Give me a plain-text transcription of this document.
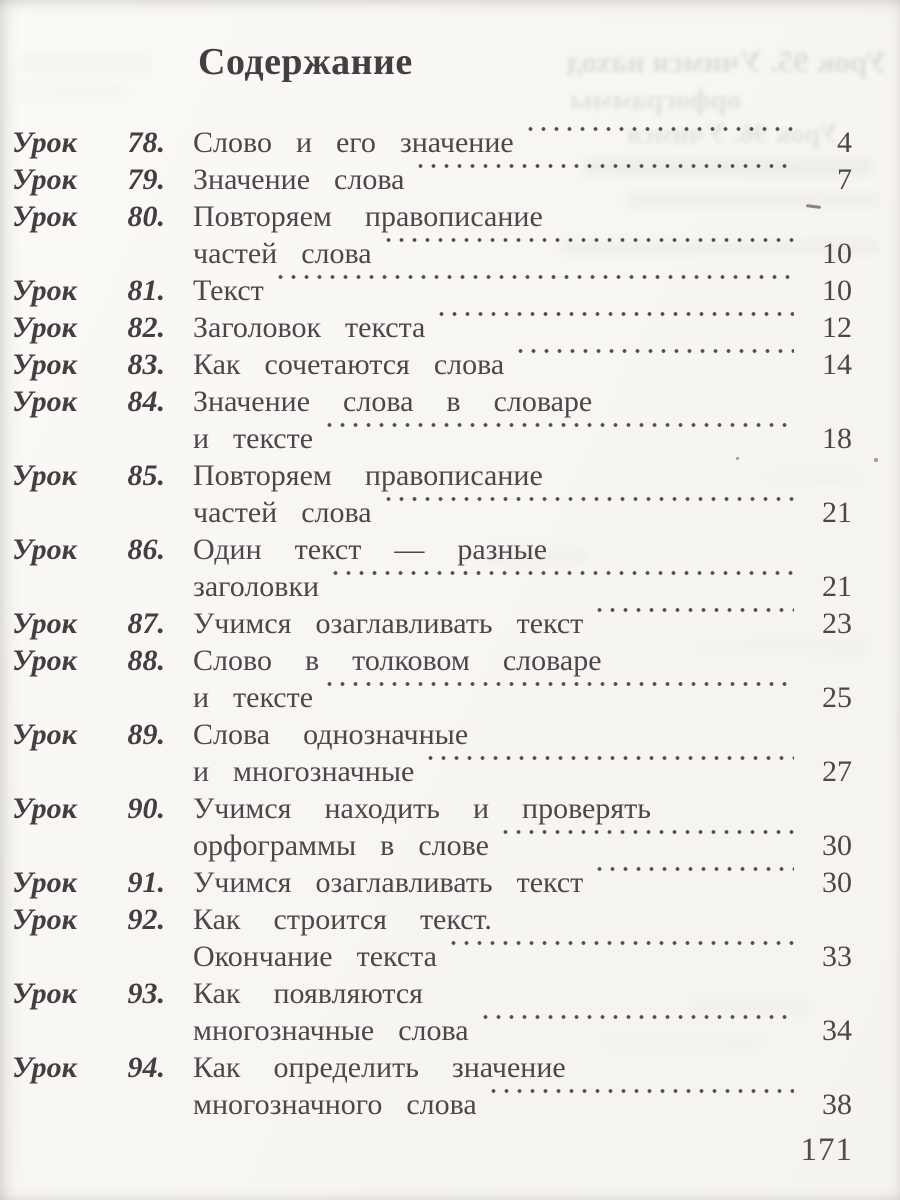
Урок 95. Учимся наход
орфограммы
Урок
Содержание
Урок 78. Слово и его значение	4
Урок 79. Значение слова	7
Урок 80. Повторяем правописание
частей слова	10
Урок 81. Текст	10
Урок 82. Заголовок текста	12
Урок 83. Как сочетаются слова	14
Урок 84. Значение слова в словаре
и тексте	18
Урок 85. Повторяем правописание
частей слова	21
Урок 86. Один текст — разные
заголовки	21
Урок 87. Учимся озаглавливать текст	23
Урок 88. Слово в толковом словаре
и тексте	25
Урок 89. Слова однозначные
и многозначные	27
Урок 90. Учимся находить и проверять
орфограммы в слове	30
Урок 91. Учимся озаглавливать текст	30
Урок 92. Как строится текст.
Окончание текста	33
Урок 93. Как появляются
многозначные слова	34
Урок 94. Как определить значение
многозначного слова	38
171
